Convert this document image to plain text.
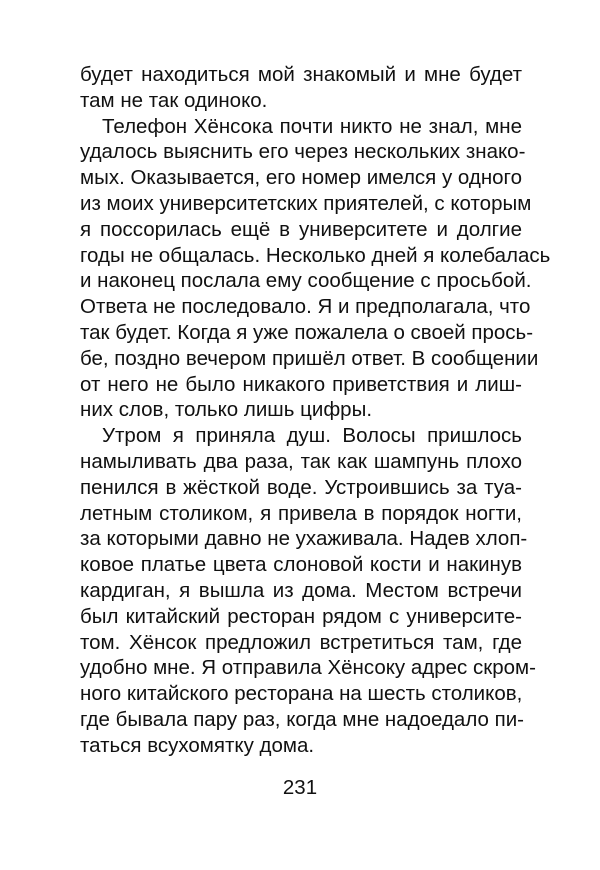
будет находиться мой знакомый и мне будет
там не так одиноко.
Телефон Хёнсока почти никто не знал, мне
удалось выяснить его через нескольких знако-
мых. Оказывается, его номер имелся у одного
из моих университетских приятелей, с которым
я поссорилась ещё в университете и долгие
годы не общалась. Несколько дней я колебалась
и наконец послала ему сообщение с просьбой.
Ответа не последовало. Я и предполагала, что
так будет. Когда я уже пожалела о своей прось-
бе, поздно вечером пришёл ответ. В сообщении
от него не было никакого приветствия и лиш-
них слов, только лишь цифры.
Утром я приняла душ. Волосы пришлось
намыливать два раза, так как шампунь плохо
пенился в жёсткой воде. Устроившись за туа-
летным столиком, я привела в порядок ногти,
за которыми давно не ухаживала. Надев хлоп-
ковое платье цвета слоновой кости и накинув
кардиган, я вышла из дома. Местом встречи
был китайский ресторан рядом с университе-
том. Хёнсок предложил встретиться там, где
удобно мне. Я отправила Хёнсоку адрес скром-
ного китайского ресторана на шесть столиков,
где бывала пару раз, когда мне надоедало пи-
таться всухомятку дома.
231
